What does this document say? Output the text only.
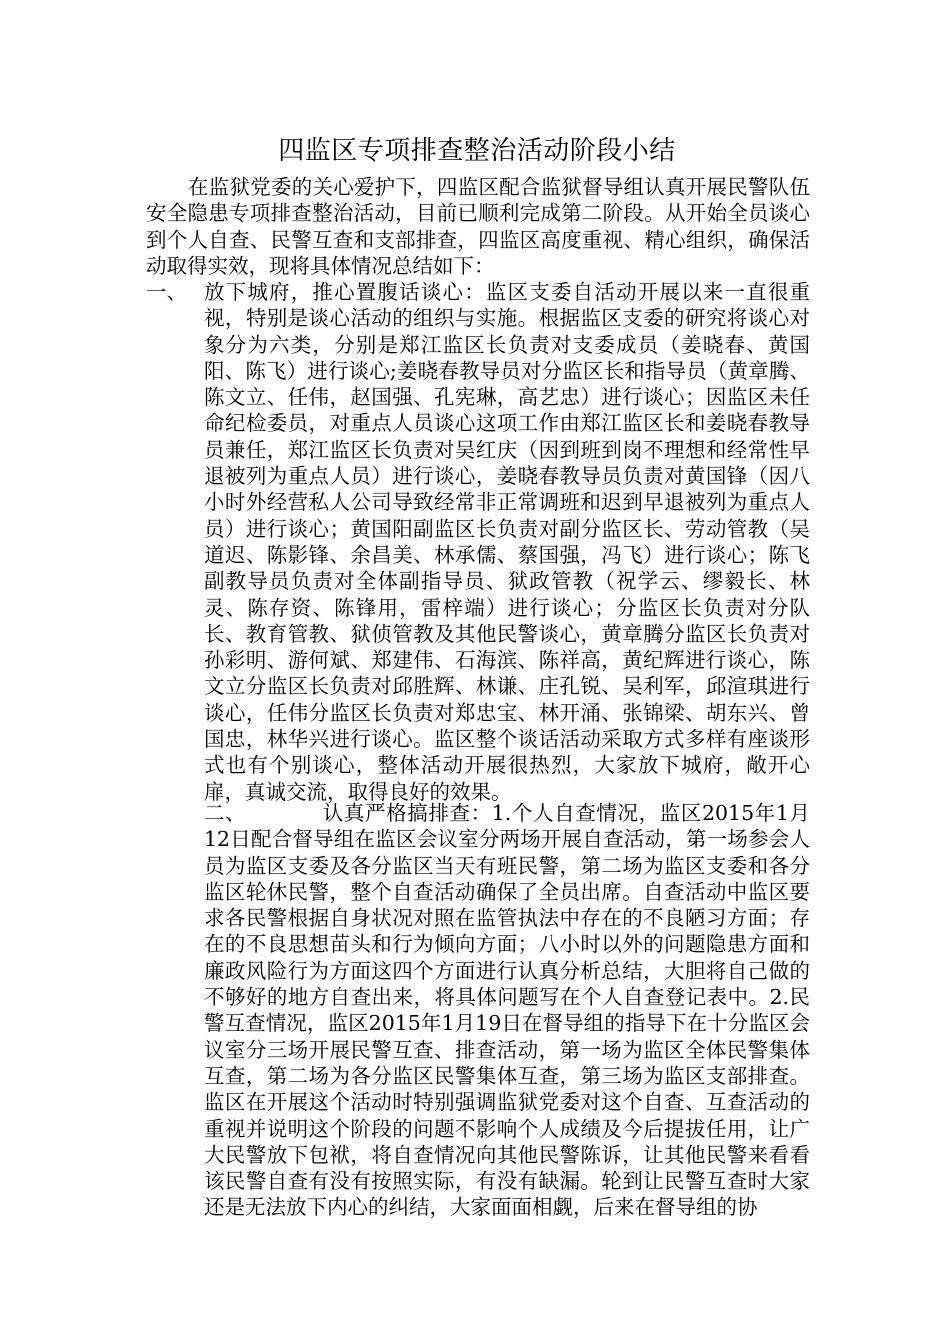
四监区专项排查整治活动阶段小结

在监狱党委的关心爱护下，四监区配合监狱督导组认真开展民警队伍安全隐患专项排查整治活动，目前已顺利完成第二阶段。从开始全员谈心到个人自查、民警互查和支部排查，四监区高度重视、精心组织，确保活动取得实效，现将具体情况总结如下：

一、 放下城府，推心置腹话谈心：监区支委自活动开展以来一直很重视，特别是谈心活动的组织与实施。根据监区支委的研究将谈心对象分为六类，分别是郑江监区长负责对支委成员（姜晓春、黄国阳、陈飞）进行谈心;姜晓春教导员对分监区长和指导员（黄章腾、陈文立、任伟，赵国强、孔宪琳，高艺忠）进行谈心；因监区未任命纪检委员，对重点人员谈心这项工作由郑江监区长和姜晓春教导员兼任，郑江监区长负责对吴红庆（因到班到岗不理想和经常性早退被列为重点人员）进行谈心，姜晓春教导员负责对黄国锋（因八小时外经营私人公司导致经常非正常调班和迟到早退被列为重点人员）进行谈心；黄国阳副监区长负责对副分监区长、劳动管教（吴道迟、陈影锋、余昌美、林承儒、蔡国强，冯飞）进行谈心；陈飞副教导员负责对全体副指导员、狱政管教（祝学云、缪毅长、林灵、陈存资、陈锋用，雷梓端）进行谈心；分监区长负责对分队长、教育管教、狱侦管教及其他民警谈心，黄章腾分监区长负责对孙彩明、游何斌、郑建伟、石海滨、陈祥高，黄纪辉进行谈心，陈文立分监区长负责对邱胜辉、林谦、庄孔锐、吴利军，邱渲琪进行谈心，任伟分监区长负责对郑忠宝、林开涌、张锦梁、胡东兴、曾国忠，林华兴进行谈心。监区整个谈话活动采取方式多样有座谈形式也有个别谈心，整体活动开展很热烈，大家放下城府，敞开心扉，真诚交流，取得良好的效果。
二、	认真严格搞排查：1.个人自查情况，监区2015年1月12日配合督导组在监区会议室分两场开展自查活动，第一场参会人员为监区支委及各分监区当天有班民警，第二场为监区支委和各分监区轮休民警，整个自查活动确保了全员出席。自查活动中监区要求各民警根据自身状况对照在监管执法中存在的不良陋习方面；存在的不良思想苗头和行为倾向方面；八小时以外的问题隐患方面和廉政风险行为方面这四个方面进行认真分析总结，大胆将自己做的不够好的地方自查出来，将具体问题写在个人自查登记表中。2.民警互查情况，监区2015年1月19日在督导组的指导下在十分监区会议室分三场开展民警互查、排查活动，第一场为监区全体民警集体互查，第二场为各分监区民警集体互查，第三场为监区支部排查。监区在开展这个活动时特别强调监狱党委对这个自查、互查活动的重视并说明这个阶段的问题不影响个人成绩及今后提拔任用，让广大民警放下包袱，将自查情况向其他民警陈诉，让其他民警来看看该民警自查有没有按照实际，有没有缺漏。轮到让民警互查时大家还是无法放下内心的纠结，大家面面相觑，后来在督导组的协
